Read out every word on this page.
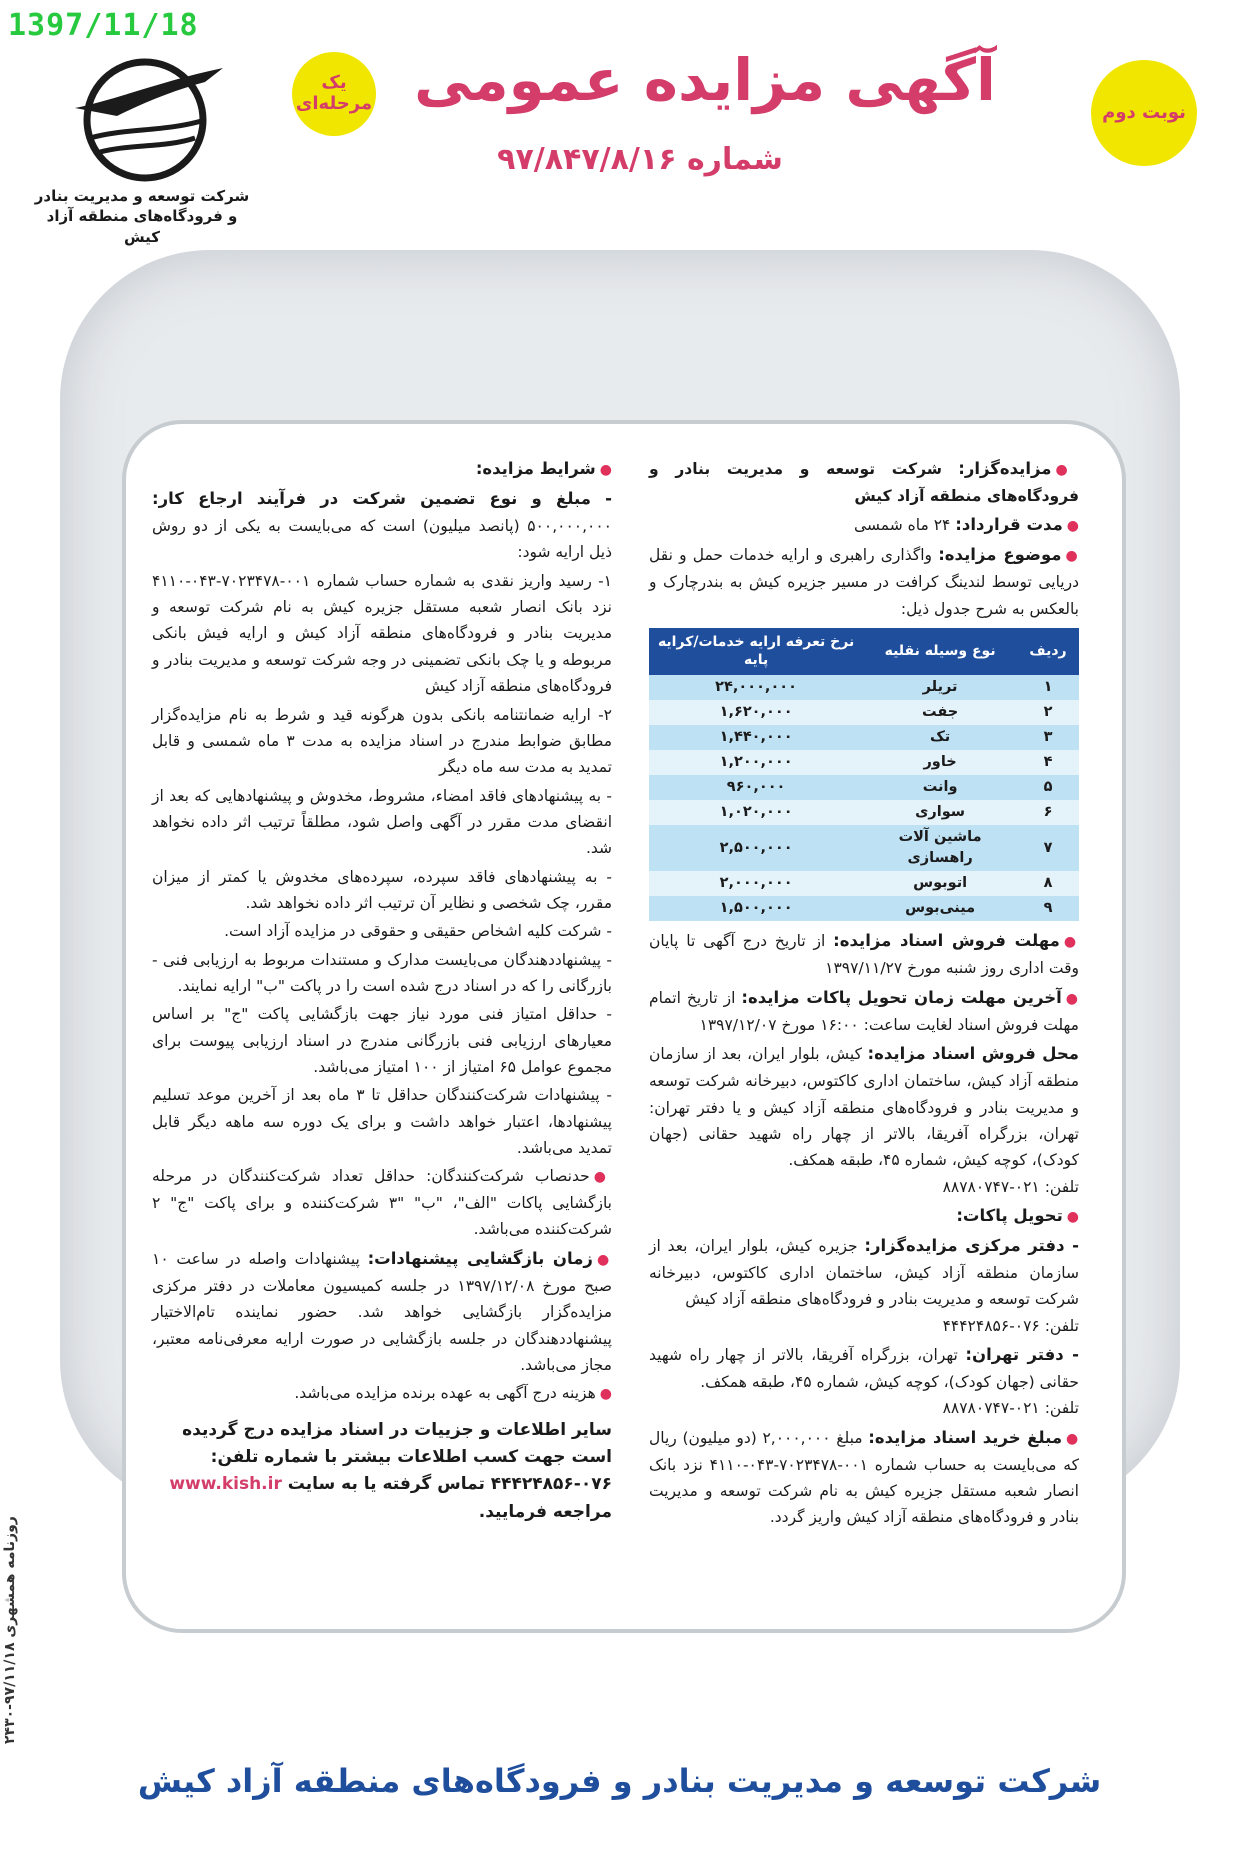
1397/11/18
روزنامه همشهری ۹۷/۱۱/۱۸-۲۴۳۰
شرکت توسعه و مدیریت بنادر و فرودگاه‌های منطقه آزاد کیش
یک مرحله‌ای	نوبت دوم
آگهی مزایده عمومی
شماره ۹۷/۸۴۷/۸/۱۶

●مزایده‌گزار: شرکت توسعه و مدیریت بنادر و فرودگاه‌های منطقه آزاد کیش

●مدت قرارداد: ۲۴ ماه شمسی

●موضوع مزایده: واگذاری راهبری و ارایه خدمات حمل و نقل دریایی توسط لندینگ کرافت در مسیر جزیره کیش به بندرچارک و بالعکس به شرح جدول ذیل:

ردیف	نوع وسیله نقلیه	نرخ تعرفه ارایه خدمات/کرایه پایه
۱	تریلر	۲۴,۰۰۰,۰۰۰
۲	جفت	۱,۶۲۰,۰۰۰
۳	تک	۱,۴۴۰,۰۰۰
۴	خاور	۱,۲۰۰,۰۰۰
۵	وانت	۹۶۰,۰۰۰
۶	سواری	۱,۰۲۰,۰۰۰
۷	ماشین آلات راهسازی	۲,۵۰۰,۰۰۰
۸	اتوبوس	۲,۰۰۰,۰۰۰
۹	مینی‌بوس	۱,۵۰۰,۰۰۰

●مهلت فروش اسناد مزایده: از تاریخ درج آگهی تا پایان وقت اداری روز شنبه مورخ ۱۳۹۷/۱۱/۲۷

●آخرین مهلت زمان تحویل پاکات مزایده: از تاریخ اتمام مهلت فروش اسناد لغایت ساعت: ۱۶:۰۰ مورخ ۱۳۹۷/۱۲/۰۷

محل فروش اسناد مزایده: کیش، بلوار ایران، بعد از سازمان منطقه آزاد کیش، ساختمان اداری کاکتوس، دبیرخانه شرکت توسعه و مدیریت بنادر و فرودگاه‌های منطقه آزاد کیش و یا دفتر تهران: تهران، بزرگراه آفریقا، بالاتر از چهار راه شهید حقانی (جهان کودک)، کوچه کیش، شماره ۴۵، طبقه همکف.
تلفن: ۰۲۱-۸۸۷۸۰۷۴۷

●تحویل پاکات:

- دفتر مرکزی مزایده‌گزار: جزیره کیش، بلوار ایران، بعد از سازمان منطقه آزاد کیش، ساختمان اداری کاکتوس، دبیرخانه شرکت توسعه و مدیریت بنادر و فرودگاه‌های منطقه آزاد کیش
تلفن: ۰۷۶-۴۴۴۲۴۸۵۶

- دفتر تهران: تهران، بزرگراه آفریقا، بالاتر از چهار راه شهید حقانی (جهان کودک)، کوچه کیش، شماره ۴۵، طبقه همکف.
تلفن: ۰۲۱-۸۸۷۸۰۷۴۷

●مبلغ خرید اسناد مزایده: مبلغ ۲,۰۰۰,۰۰۰ (دو میلیون) ریال که می‌بایست به حساب شماره ۰۰۱-۷۰۲۳۴۷۸-۰۴۳-۴۱۱۰ نزد بانک انصار شعبه مستقل جزیره کیش به نام شرکت توسعه و مدیریت بنادر و فرودگاه‌های منطقه آزاد کیش واریز گردد.

●شرایط مزایده:

- مبلغ و نوع تضمین شرکت در فرآیند ارجاع کار: ۵۰۰,۰۰۰,۰۰۰ (پانصد میلیون) است که می‌بایست به یکی از دو روش ذیل ارایه شود:

۱- رسید واریز نقدی به شماره حساب شماره ۰۰۱-۷۰۲۳۴۷۸-۰۴۳-۴۱۱۰ نزد بانک انصار شعبه مستقل جزیره کیش به نام شرکت توسعه و مدیریت بنادر و فرودگاه‌های منطقه آزاد کیش و ارایه فیش بانکی مربوطه و یا چک بانکی تضمینی در وجه شرکت توسعه و مدیریت بنادر و فرودگاه‌های منطقه آزاد کیش

۲- ارایه ضمانتنامه بانکی بدون هرگونه قید و شرط به نام مزایده‌گزار مطابق ضوابط مندرج در اسناد مزایده به مدت ۳ ماه شمسی و قابل تمدید به مدت سه ماه دیگر

- به پیشنهادهای فاقد امضاء، مشروط، مخدوش و پیشنهادهایی که بعد از انقضای مدت مقرر در آگهی واصل شود، مطلقاً ترتیب اثر داده نخواهد شد.

- به پیشنهادهای فاقد سپرده، سپرده‌های مخدوش یا کمتر از میزان مقرر، چک شخصی و نظایر آن ترتیب اثر داده نخواهد شد.

- شرکت کلیه اشخاص حقیقی و حقوقی در مزایده آزاد است.

- پیشنهاددهندگان می‌بایست مدارک و مستندات مربوط به ارزیابی فنی - بازرگانی را که در اسناد درج شده است را در پاکت "ب" ارایه نمایند.

- حداقل امتیاز فنی مورد نیاز جهت بازگشایی پاکت "ج" بر اساس معیارهای ارزیابی فنی بازرگانی مندرج در اسناد ارزیابی پیوست برای مجموع عوامل ۶۵ امتیاز از ۱۰۰ امتیاز می‌باشد.

- پیشنهادات شرکت‌کنندگان حداقل تا ۳ ماه بعد از آخرین موعد تسلیم پیشنهادها، اعتبار خواهد داشت و برای یک دوره سه ماهه دیگر قابل تمدید می‌باشد.

●حدنصاب شرکت‌کنندگان: حداقل تعداد شرکت‌کنندگان در مرحله بازگشایی پاکات "الف"، "ب" "۳ شرکت‌کننده و برای پاکت "ج" ۲ شرکت‌کننده می‌باشد.

●زمان بازگشایی پیشنهادات: پیشنهادات واصله در ساعت ۱۰ صبح مورخ ۱۳۹۷/۱۲/۰۸ در جلسه کمیسیون معاملات در دفتر مرکزی مزایده‌گزار بازگشایی خواهد شد. حضور نماینده تام‌الاختیار پیشنهاددهندگان در جلسه بازگشایی در صورت ارایه معرفی‌نامه معتبر، مجاز می‌باشد.

●هزینه درج آگهی به عهده برنده مزایده می‌باشد.

سایر اطلاعات و جزییات در اسناد مزایده درج گردیده است جهت کسب اطلاعات بیشتر با شماره تلفن: ۰۷۶-۴۴۴۲۴۸۵۶ تماس گرفته یا به سایت www.kish.ir مراجعه فرمایید.

شرکت توسعه و مدیریت بنادر و فرودگاه‌های منطقه آزاد کیش
